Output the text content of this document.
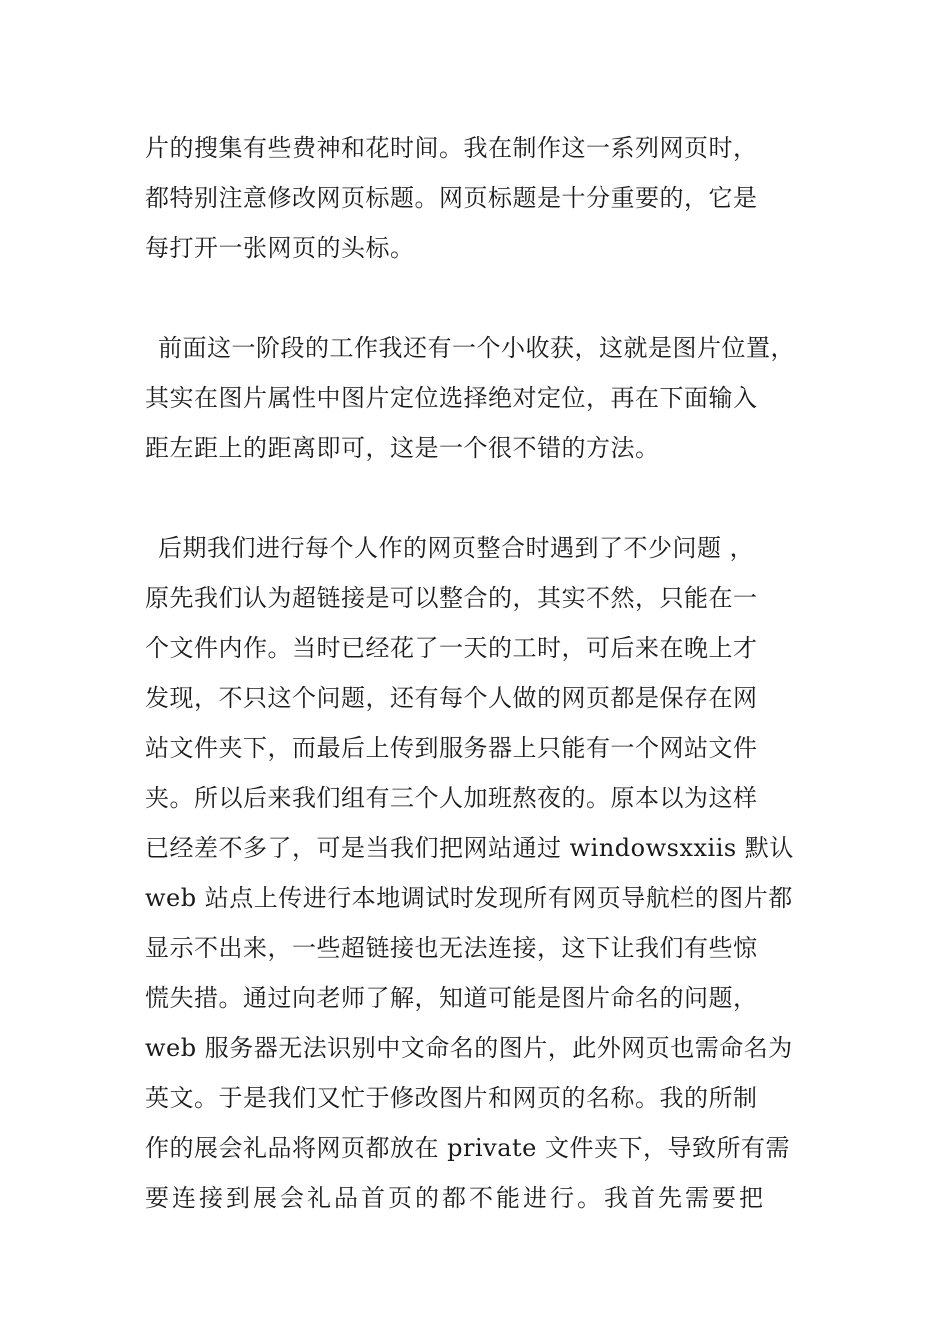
片的搜集有些费神和花时间。我在制作这一系列网页时，
都特别注意修改网页标题。网页标题是十分重要的，它是
每打开一张网页的头标。
前面这一阶段的工作我还有一个小收获，这就是图片位置，
其实在图片属性中图片定位选择绝对定位，再在下面输入
距左距上的距离即可，这是一个很不错的方法。
后期我们进行每个人作的网页整合时遇到了不少问题 ，
原先我们认为超链接是可以整合的，其实不然，只能在一
个文件内作。当时已经花了一天的工时，可后来在晚上才
发现，不只这个问题，还有每个人做的网页都是保存在网
站文件夹下，而最后上传到服务器上只能有一个网站文件
夹。所以后来我们组有三个人加班熬夜的。原本以为这样
已经差不多了，可是当我们把网站通过 windowsxxiis 默认
web 站点上传进行本地调试时发现所有网页导航栏的图片都
显示不出来，一些超链接也无法连接，这下让我们有些惊
慌失措。通过向老师了解，知道可能是图片命名的问题，
web 服务器无法识别中文命名的图片，此外网页也需命名为
英文。于是我们又忙于修改图片和网页的名称。我的所制
作的展会礼品将网页都放在 private 文件夹下，导致所有需
要连接到展会礼品首页的都不能进行。我首先需要把
